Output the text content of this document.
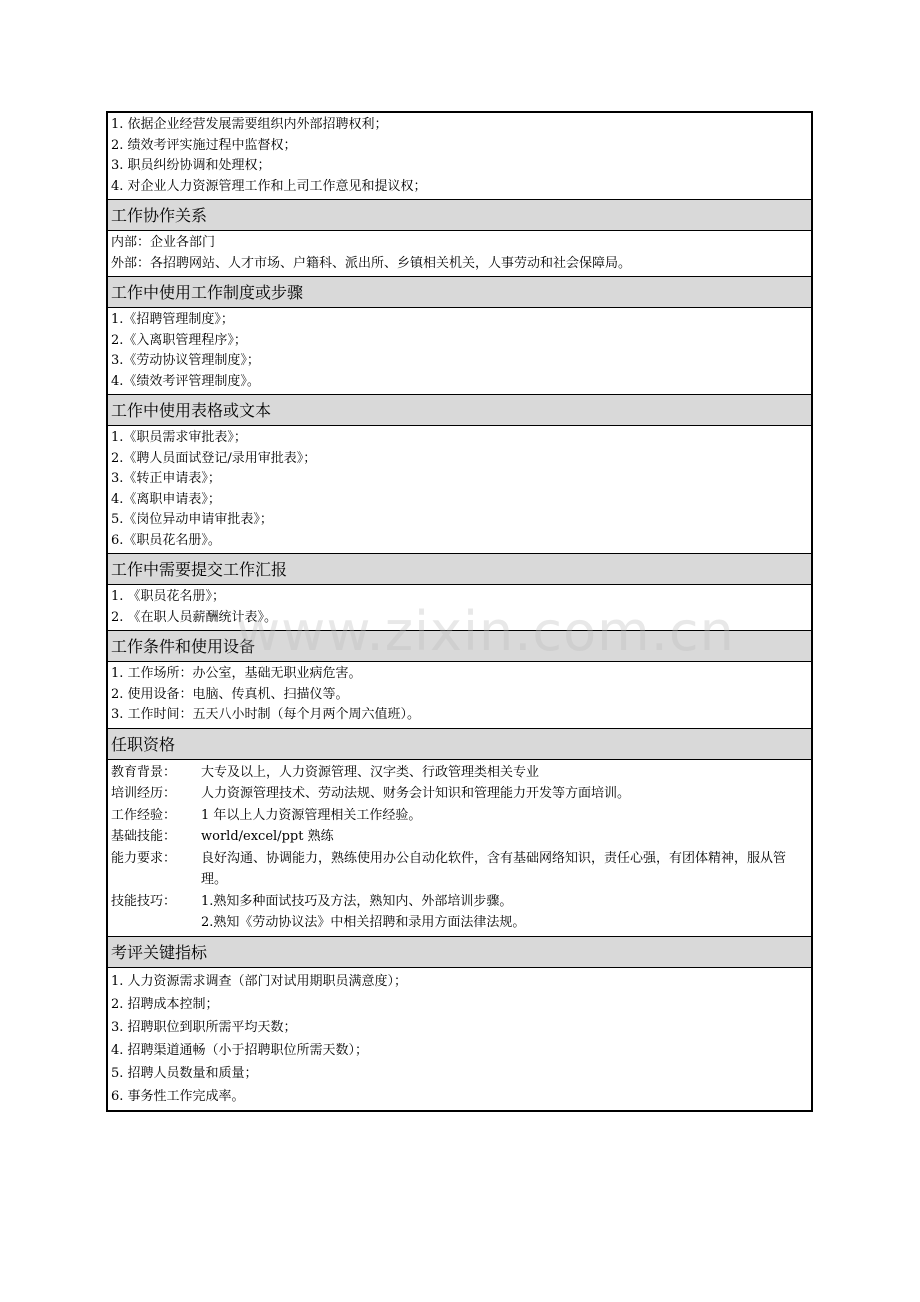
1. 依据企业经营发展需要组织内外部招聘权利；
2. 绩效考评实施过程中监督权；
3. 职员纠纷协调和处理权；
4. 对企业人力资源管理工作和上司工作意见和提议权；
工作协作关系
内部：企业各部门
外部：各招聘网站、人才市场、户籍科、派出所、乡镇相关机关，人事劳动和社会保障局。
工作中使用工作制度或步骤
1.《招聘管理制度》；
2.《入离职管理程序》；
3.《劳动协议管理制度》；
4.《绩效考评管理制度》。
工作中使用表格或文本
1.《职员需求审批表》；
2.《聘人员面试登记/录用审批表》；
3.《转正申请表》；
4.《离职申请表》；
5.《岗位异动申请审批表》；
6.《职员花名册》。
工作中需要提交工作汇报
1. 《职员花名册》；
2. 《在职人员薪酬统计表》。
工作条件和使用设备
1. 工作场所：办公室，基础无职业病危害。
2. 使用设备：电脑、传真机、扫描仪等。
3. 工作时间：五天八小时制（每个月两个周六值班）。
任职资格
教育背景：	大专及以上，人力资源管理、汉字类、行政管理类相关专业
培训经历：	人力资源管理技术、劳动法规、财务会计知识和管理能力开发等方面培训。
工作经验：	1 年以上人力资源管理相关工作经验。
基础技能：	world/excel/ppt 熟练
能力要求：	良好沟通、协调能力，熟练使用办公自动化软件，含有基础网络知识，责任心强，有团体精神，服从管理。
技能技巧：	1.熟知多种面试技巧及方法，熟知内、外部培训步骤。
2.熟知《劳动协议法》中相关招聘和录用方面法律法规。
考评关键指标
1. 人力资源需求调查（部门对试用期职员满意度）；
2. 招聘成本控制；
3. 招聘职位到职所需平均天数；
4. 招聘渠道通畅（小于招聘职位所需天数）；
5. 招聘人员数量和质量；
6. 事务性工作完成率。
www.zixin.com.cn
